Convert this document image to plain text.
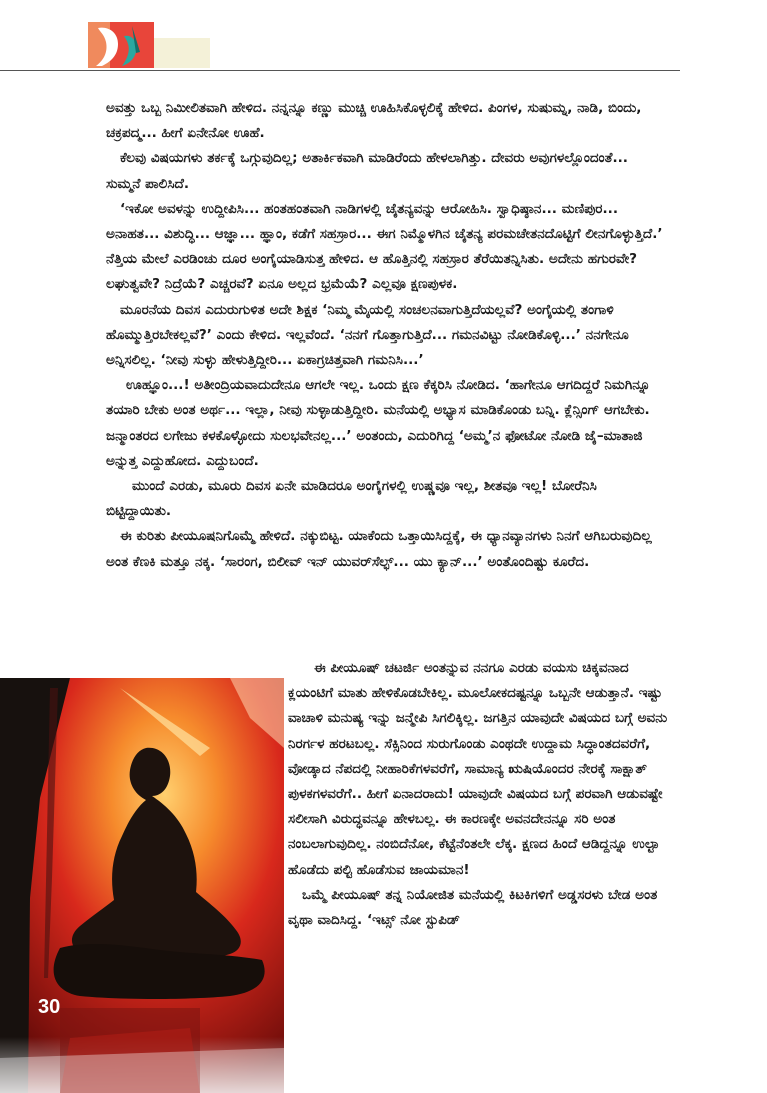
ಅವತ್ತು ಒಬ್ಬ ನಿಮೀಲಿತವಾಗಿ ಹೇಳಿದ. ನನ್ನನ್ನೂ ಕಣ್ಣು ಮುಚ್ಚಿ ಊಹಿಸಿಕೊಳ್ಳಲಿಕ್ಕೆ ಹೇಳಿದ. ಪಿಂಗಳ, ಸುಷುಮ್ನ, ನಾಡಿ, ಬಿಂದು, ಚಕ್ರಪದ್ಮ... ಹೀಗೆ ಏನೇನೋ ಊಹೆ.

ಕೆಲವು ವಿಷಯಗಳು ತರ್ಕಕ್ಕೆ ಒಗ್ಗುವುದಿಲ್ಲ; ಅತಾರ್ಕಿಕವಾಗಿ ಮಾಡಿರೆಂದು ಹೇಳಲಾಗಿತ್ತು. ದೇವರು ಅವುಗಳಲ್ಲೊಂದಂತೆ... ಸುಮ್ಮನೆ ಪಾಲಿಸಿದೆ.

‘ಇಕೋ ಅವಳನ್ನು ಉದ್ದೀಪಿಸಿ... ಹಂತಹಂತವಾಗಿ ನಾಡಿಗಳಲ್ಲಿ ಚೈತನ್ಯವನ್ನು ಆರೋಹಿಸಿ. ಸ್ವಾಧಿಷ್ಠಾನ... ಮಣಿಪುರ... ಅನಾಹತ... ವಿಶುದ್ಧಿ... ಆಜ್ಞಾ... ಹ್ಞಾಂ, ಕಡೆಗೆ ಸಹಸ್ರಾರ... ಈಗ ನಿಮ್ಮೊಳಗಿನ ಚೈತನ್ಯ ಪರಮಚೇತನದೊಟ್ಟಿಗೆ ಲೀನಗೊಳ್ಳುತ್ತಿದೆ.’ ನೆತ್ತಿಯ ಮೇಲೆ ಎರಡಿಂಚು ದೂರ ಅಂಗೈಯಾಡಿಸುತ್ತ ಹೇಳಿದ. ಆ ಹೊತ್ತಿನಲ್ಲಿ ಸಹಸ್ರಾರ ತೆರೆಯಿತನ್ನಿಸಿತು. ಅದೇನು ಹಗುರವೇ? ಲಘುತ್ವವೇ? ನಿದ್ರೆಯೆ? ಎಚ್ಚರವೆ? ಏನೂ ಅಲ್ಲದ ಭ್ರಮೆಯೆ? ಎಲ್ಲವೂ ಕ್ಷಣಪುಳಕ.

ಮೂರನೆಯ ದಿವಸ ಎದುರುಗುಳಿತ ಅದೇ ಶಿಕ್ಷಕ ‘ನಿಮ್ಮ ಮೈಯಲ್ಲಿ ಸಂಚಲನವಾಗುತ್ತಿದೆಯಲ್ಲವೆ? ಅಂಗೈಯಲ್ಲಿ ತಂಗಾಳಿ ಹೊಮ್ಮುತ್ತಿರಬೇಕಲ್ಲವೆ?’ ಎಂದು ಕೇಳಿದ. ಇಲ್ಲವೆಂದೆ. ‘ನನಗೆ ಗೊತ್ತಾಗುತ್ತಿದೆ... ಗಮನವಿಟ್ಟು ನೋಡಿಕೊಳ್ಳಿ...’ ನನಗೇನೂ ಅನ್ನಿಸಲಿಲ್ಲ. ‘ನೀವು ಸುಳ್ಳು ಹೇಳುತ್ತಿದ್ದೀರಿ... ಏಕಾಗ್ರಚಿತ್ತವಾಗಿ ಗಮನಿಸಿ...’

ಊಹ್ಞೂಂ...! ಅತೀಂದ್ರಿಯವಾದುದೇನೂ ಆಗಲೇ ಇಲ್ಲ. ಒಂದು ಕ್ಷಣ ಕೆಕ್ಕರಿಸಿ ನೋಡಿದ. ‘ಹಾಗೇನೂ ಆಗದಿದ್ದರೆ ನಿಮಗಿನ್ನೂ ತಯಾರಿ ಬೇಕು ಅಂತ ಅರ್ಥ... ಇಲ್ಲಾ, ನೀವು ಸುಳ್ಳಾಡುತ್ತಿದ್ದೀರಿ. ಮನೆಯಲ್ಲಿ ಅಭ್ಯಾಸ ಮಾಡಿಕೊಂಡು ಬನ್ನಿ. ಕ್ಲೆನ್ಸಿಂಗ್ ಆಗಬೇಕು. ಜನ್ಮಾಂತರದ ಲಗೇಜು ಕಳಕೊಳ್ಳೋದು ಸುಲಭವೇನಲ್ಲ...’ ಅಂತಂದು, ಎದುರಿಗಿದ್ದ ‘ಅಮ್ಮ’ನ ಫೋಟೋ ನೋಡಿ ಜೈ–ಮಾತಾಜಿ ಅನ್ನುತ್ತ ಎದ್ದುಹೋದ. ಎದ್ದುಬಂದೆ.

ಮುಂದೆ ಎರಡು, ಮೂರು ದಿವಸ ಏನೇ ಮಾಡಿದರೂ ಅಂಗೈಗಳಲ್ಲಿ ಉಷ್ಣವೂ ಇಲ್ಲ, ಶೀತವೂ ಇಲ್ಲ! ಬೋರೆನಿಸಿ ಬಿಟ್ಟಿದ್ದಾಯಿತು.

ಈ ಕುರಿತು ಪೀಯೂಷನಿಗೊಮ್ಮೆ ಹೇಳಿದೆ. ನಕ್ಕುಬಿಟ್ಟ. ಯಾಕೆಂದು ಒತ್ತಾಯಿಸಿದ್ದಕ್ಕೆ, ಈ ಧ್ಯಾನವ್ಯಾನಗಳು ನಿನಗೆ ಆಗಿಬರುವುದಿಲ್ಲ ಅಂತ ಕೆಣಕಿ ಮತ್ತೂ ನಕ್ಕ. ‘ಸಾರಂಗ, ಬಿಲೀವ್ ಇನ್ ಯುವರ್‌ಸೆಲ್ಫ್... ಯು ಕ್ಯಾನ್...’ ಅಂತೊಂದಿಷ್ಟು ಕೂರೆದ.

30

ಈ ಪೀಯೂಷ್ ಚಟರ್ಜಿ ಅಂತನ್ನುವ ನನಗೂ ಎರಡು ವಯಸು ಚಿಕ್ಕವನಾದ ಕ್ಲಯಂಟಿಗೆ ಮಾತು ಹೇಳಿಕೊಡಬೇಕಿಲ್ಲ. ಮೂಲೋಕದಷ್ಟನ್ನೂ ಒಬ್ಬನೇ ಆಡುತ್ತಾನೆ. ಇಷ್ಟು ವಾಚಾಳಿ ಮನುಷ್ಯ ಇನ್ನು ಜನ್ಮೇಪಿ ಸಿಗಲಿಕ್ಕಿಲ್ಲ. ಜಗತ್ತಿನ ಯಾವುದೇ ವಿಷಯದ ಬಗ್ಗೆ ಅವನು ನಿರರ್ಗಳ ಹರಟಬಲ್ಲ. ಸೆಕ್ಸಿನಿಂದ ಸುರುಗೊಂಡು ಎಂಥದೇ ಉದ್ದಾಮ ಸಿದ್ಧಾಂತದವರೆಗೆ, ವೋಡ್ಕಾದ ನೆಪದಲ್ಲಿ ನೀಹಾರಿಕೆಗಳವರೆಗೆ, ಸಾಮಾನ್ಯ ಋಷಿಯೊಂದರ ನೇರಕ್ಕೆ ಸಾಕ್ಷಾತ್ ಪುಳಕಗಳವರೆಗೆ.. ಹೀಗೆ ಏನಾದರಾದು! ಯಾವುದೇ ವಿಷಯದ ಬಗ್ಗೆ ಪರವಾಗಿ ಆಡುವಷ್ಟೇ ಸಲೀಸಾಗಿ ವಿರುದ್ಧವನ್ನೂ ಹೇಳಬಲ್ಲ. ಈ ಕಾರಣಕ್ಕೇ ಅವನದೇನನ್ನೂ ಸರಿ ಅಂತ ನಂಬಲಾಗುವುದಿಲ್ಲ. ನಂಬಿದೆನೋ, ಕೆಟ್ಟೆನೆಂತಲೇ ಲೆಕ್ಕ. ಕ್ಷಣದ ಹಿಂದೆ ಆಡಿದ್ದನ್ನೂ ಉಲ್ಟಾ ಹೊಡೆದು ಪಲ್ಟಿ ಹೊಡೆಸುವ ಜಾಯಮಾನ!

ಒಮ್ಮೆ ಪೀಯೂಷ್ ತನ್ನ ನಿಯೋಜಿತ ಮನೆಯಲ್ಲಿ ಕಿಟಕಿಗಳಿಗೆ ಅಡ್ಡಸರಳು ಬೇಡ ಅಂತ ವೃಥಾ ವಾದಿಸಿದ್ದ. ‘ಇಟ್ಸ್ ನೋ ಸ್ಟುಪಿಡ್
